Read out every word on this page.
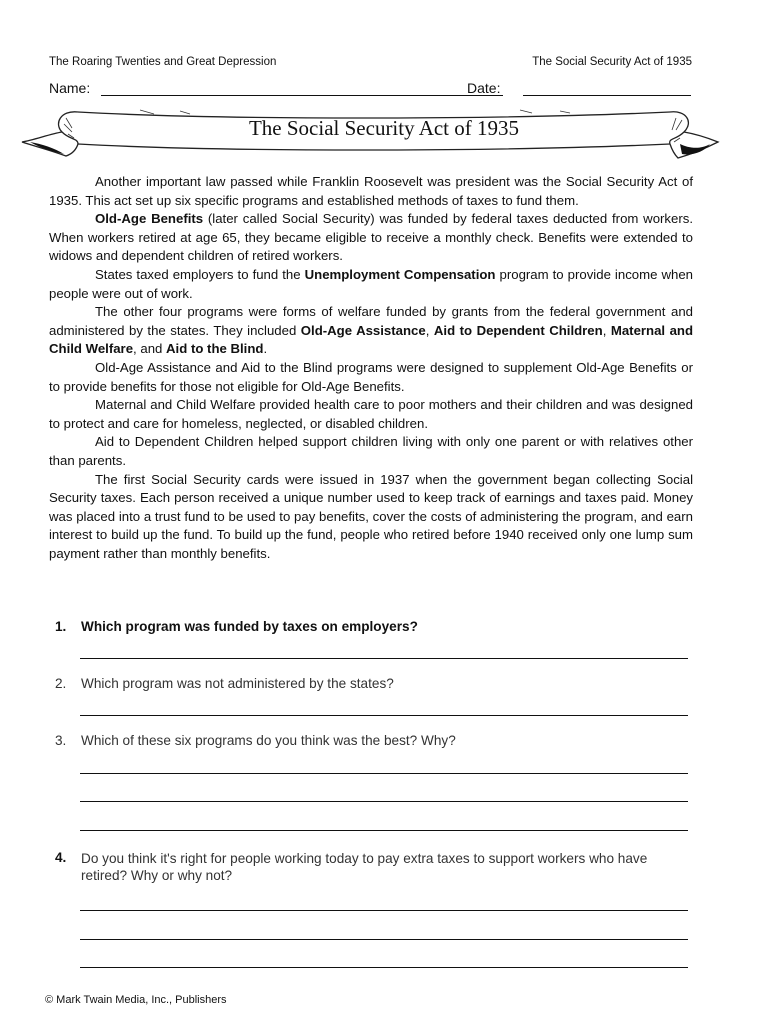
The Roaring Twenties and Great Depression	The Social Security Act of 1935
Name:	Date:
The Social Security Act of 1935

Another important law passed while Franklin Roosevelt was president was the Social Security Act of 1935. This act set up six specific programs and established methods of taxes to fund them.

Old-Age Benefits (later called Social Security) was funded by federal taxes deducted from workers. When workers retired at age 65, they became eligible to receive a monthly check. Benefits were extended to widows and dependent children of retired workers.

States taxed employers to fund the Unemployment Compensation program to provide income when people were out of work.

The other four programs were forms of welfare funded by grants from the federal government and administered by the states. They included Old-Age Assistance, Aid to Dependent Children, Maternal and Child Welfare, and Aid to the Blind.

Old-Age Assistance and Aid to the Blind programs were designed to supplement Old-Age Benefits or to provide benefits for those not eligible for Old-Age Benefits.

Maternal and Child Welfare provided health care to poor mothers and their children and was designed to protect and care for homeless, neglected, or disabled children.

Aid to Dependent Children helped support children living with only one parent or with relatives other than parents.

The first Social Security cards were issued in 1937 when the government began collecting Social Security taxes. Each person received a unique number used to keep track of earnings and taxes paid. Money was placed into a trust fund to be used to pay benefits, cover the costs of administering the program, and earn interest to build up the fund. To build up the fund, people who retired before 1940 received only one lump sum payment rather than monthly benefits.

1. Which program was funded by taxes on employers?
2. Which program was not administered by the states?
3. Which of these six programs do you think was the best? Why?
4. Do you think it's right for people working today to pay extra taxes to support workers who have retired? Why or why not?
© Mark Twain Media, Inc., Publishers
